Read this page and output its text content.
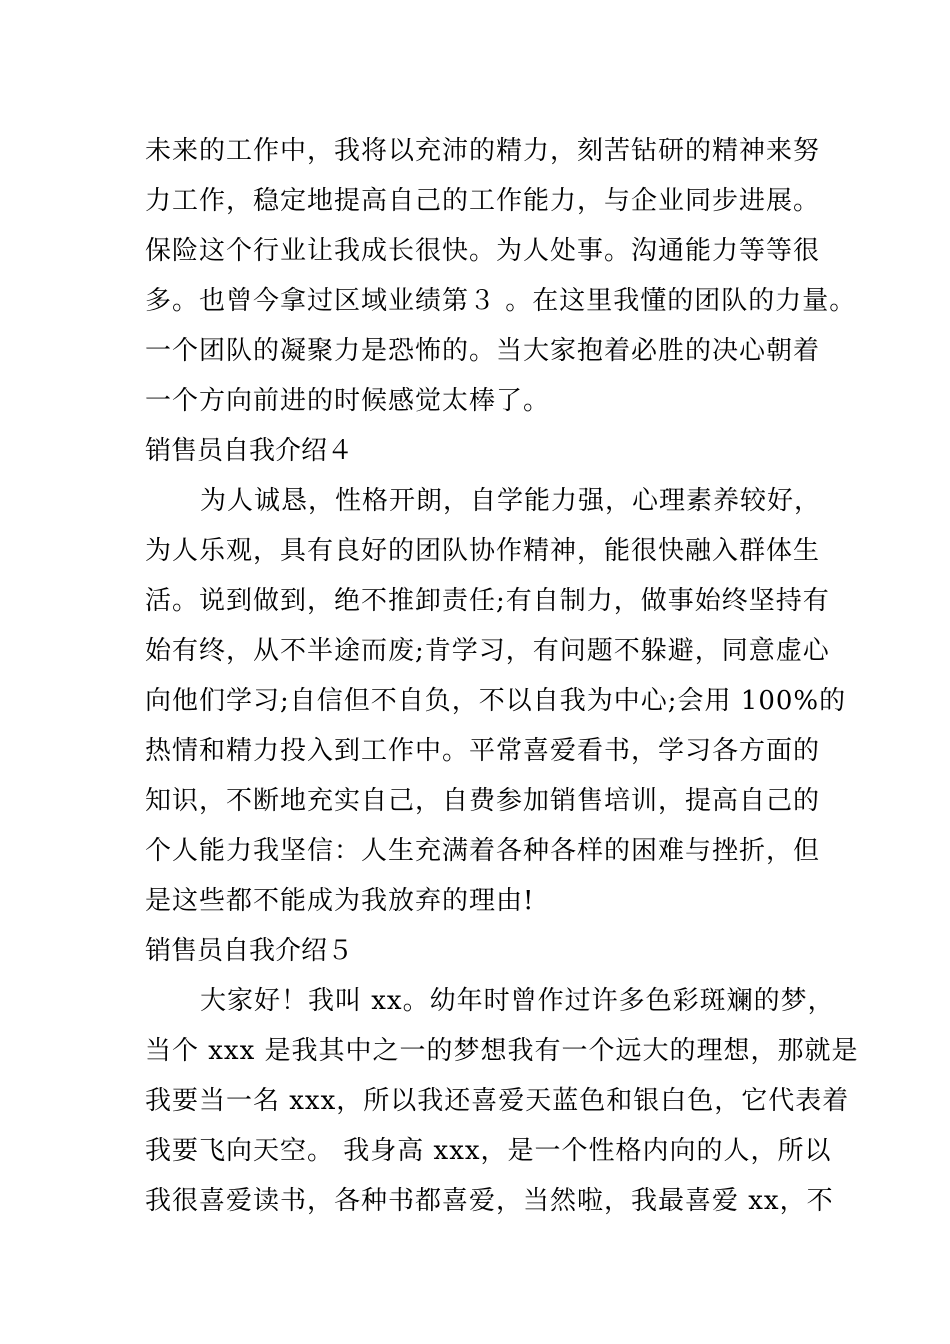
未来的工作中，我将以充沛的精力，刻苦钻研的精神来努
力工作，稳定地提高自己的工作能力，与企业同步进展。
保险这个行业让我成长很快。为人处事。沟通能力等等很
多。也曾今拿过区域业绩第３ 。在这里我懂的团队的力量。
一个团队的凝聚力是恐怖的。当大家抱着必胜的决心朝着
一个方向前进的时候感觉太棒了。
销售员自我介绍４
为人诚恳，性格开朗，自学能力强，心理素养较好，
为人乐观，具有良好的团队协作精神，能很快融入群体生
活。说到做到，绝不推卸责任;有自制力，做事始终坚持有
始有终，从不半途而废;肯学习，有问题不躲避，同意虚心
向他们学习;自信但不自负，不以自我为中心;会用 100%的
热情和精力投入到工作中。平常喜爱看书，学习各方面的
知识，不断地充实自己，自费参加销售培训，提高自己的
个人能力我坚信：人生充满着各种各样的困难与挫折，但
是这些都不能成为我放弃的理由!
销售员自我介绍５
大家好！我叫 xx。幼年时曾作过许多色彩斑斓的梦，
当个 xxx 是我其中之一的梦想我有一个远大的理想，那就是
我要当一名 xxx，所以我还喜爱天蓝色和银白色，它代表着
我要飞向天空。 我身高 xxx，是一个性格内向的人，所以
我很喜爱读书，各种书都喜爱，当然啦，我最喜爱 xx，不
